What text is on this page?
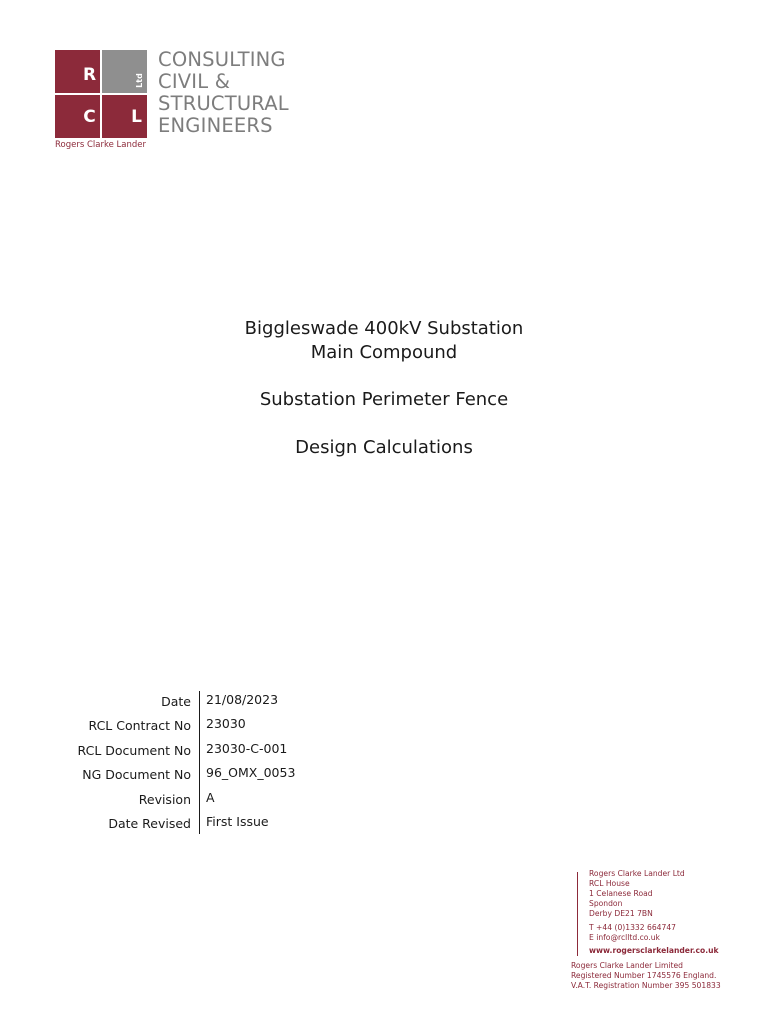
R	Ltd
C L
Rogers Clarke Lander
CONSULTING
CIVIL &
STRUCTURAL
ENGINEERS
Biggleswade 400kV Substation
Main Compound
Substation Perimeter Fence
Design Calculations
Date 21/08/2023
RCL Contract No 23030
RCL Document No 23030-C-001
NG Document No 96_OMX_0053
Revision A
Date Revised First Issue
Rogers Clarke Lander Ltd
RCL House
1 Celanese Road
Spondon
Derby DE21 7BN
T +44 (0)1332 664747
E info@rclltd.co.uk
www.rogersclarkelander.co.uk
Rogers Clarke Lander Limited
Registered Number 1745576 England.
V.A.T. Registration Number 395 501833
